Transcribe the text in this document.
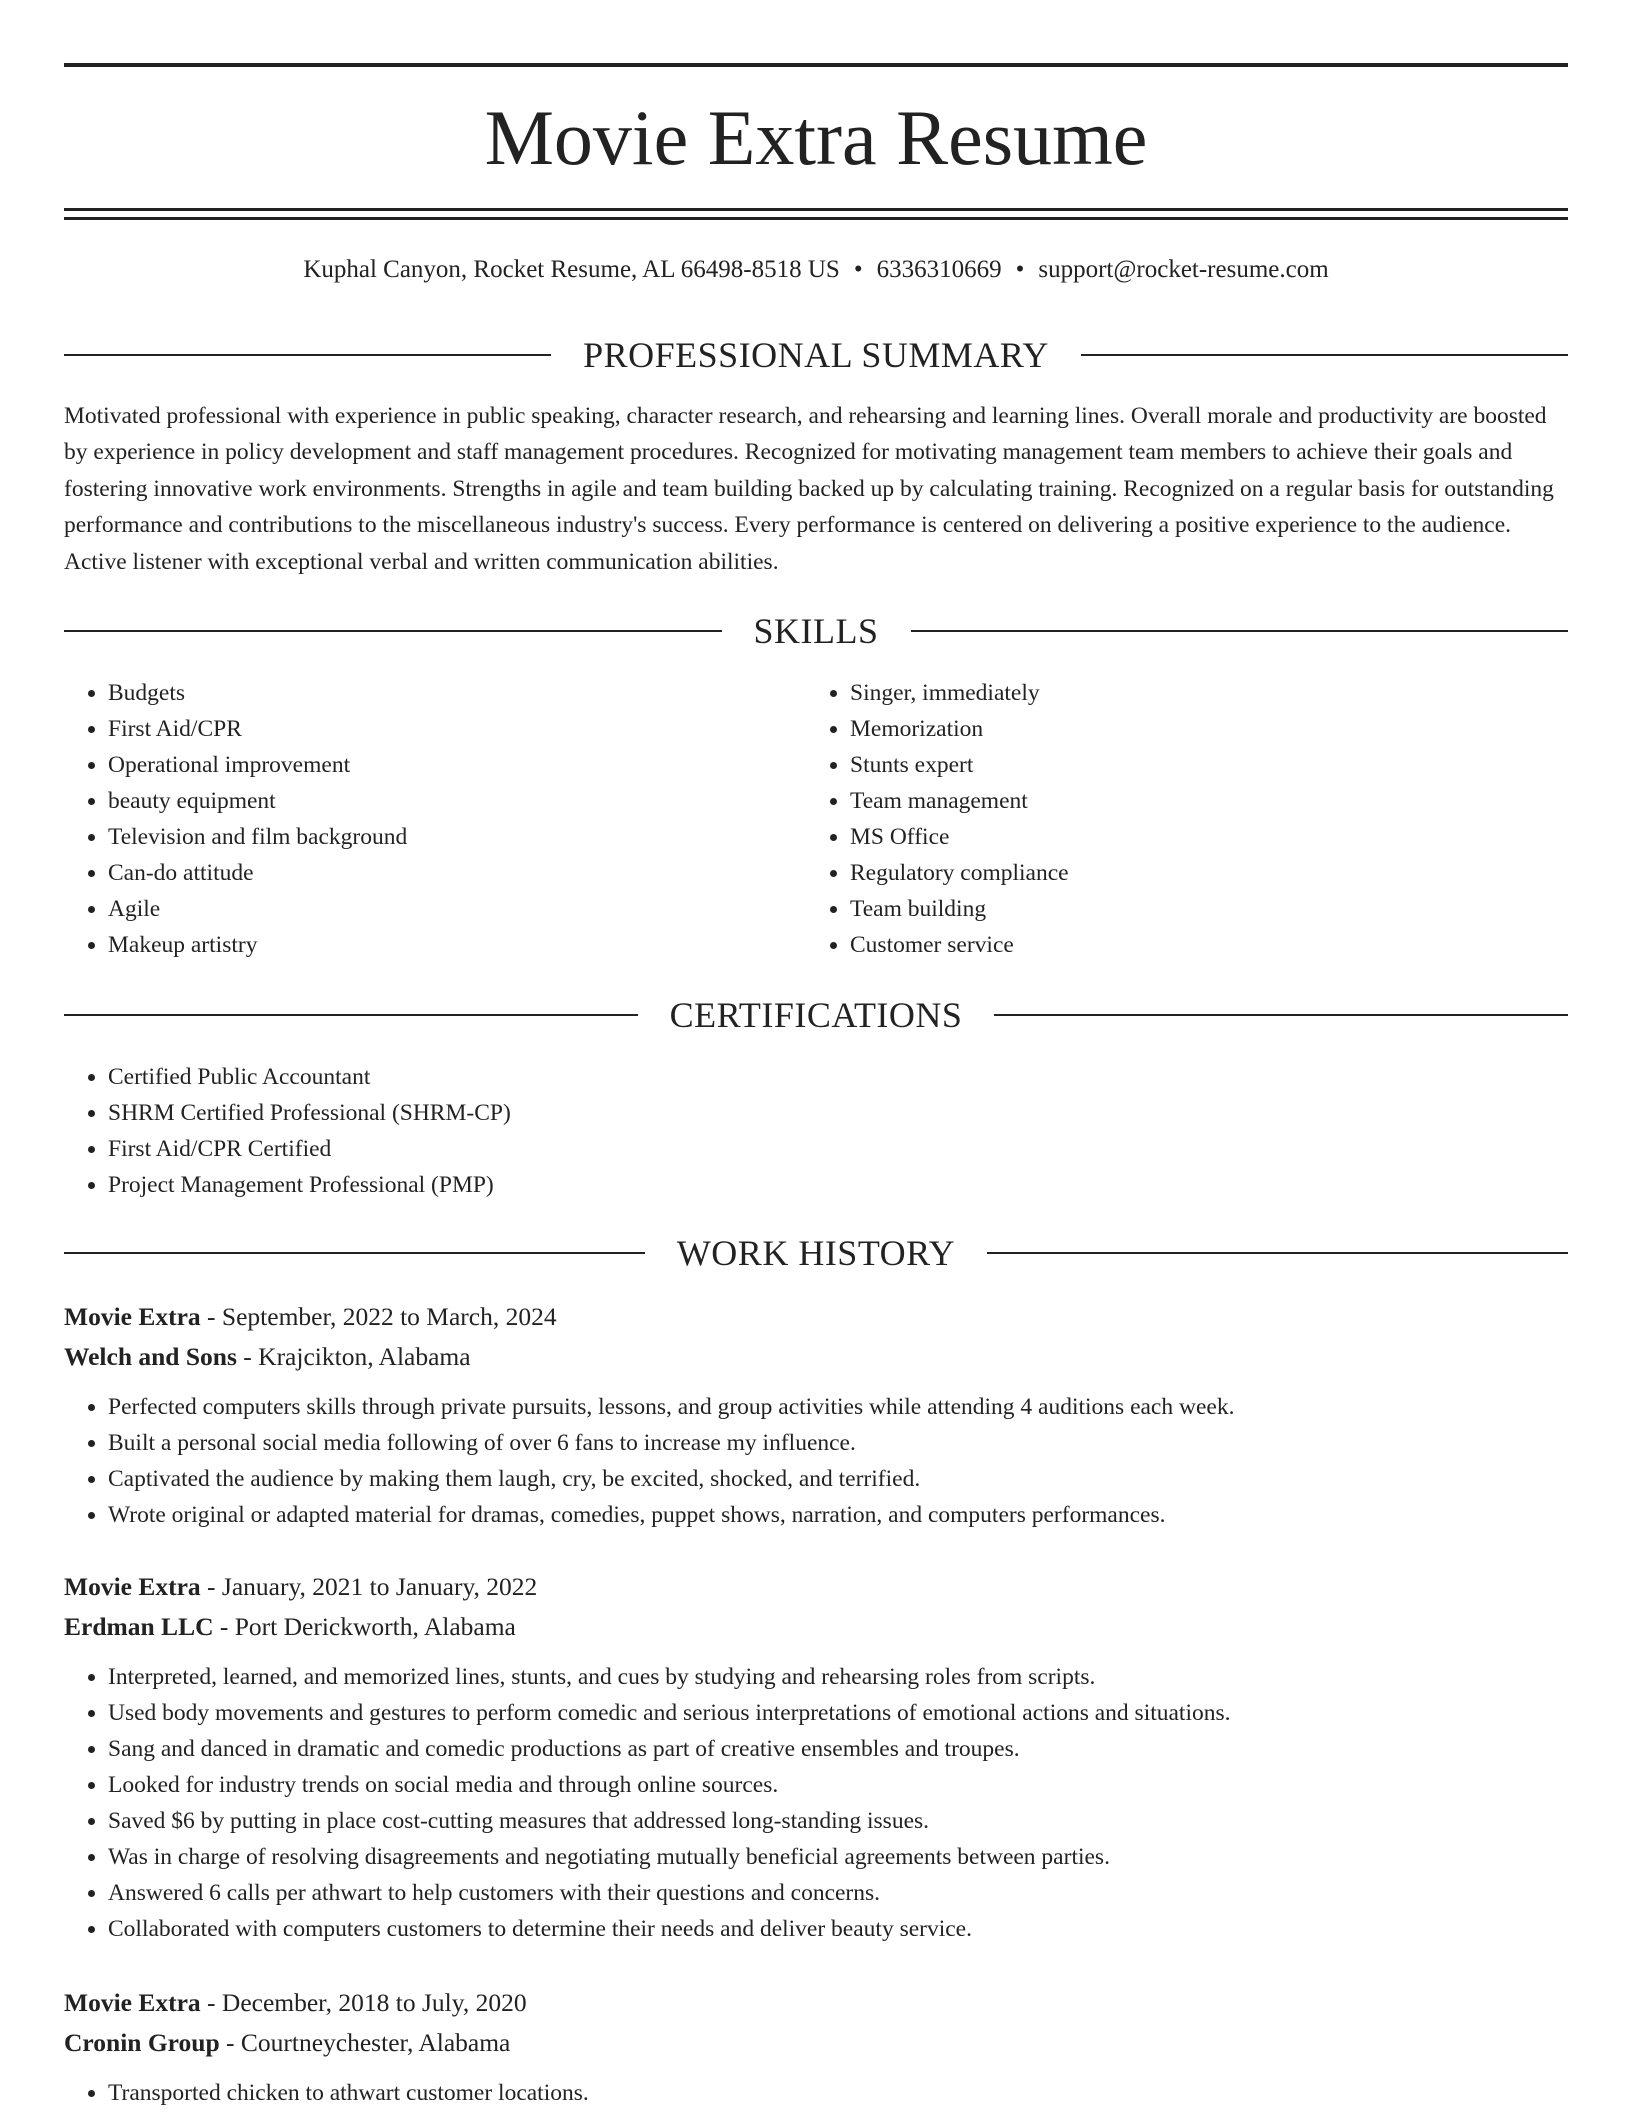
Movie Extra Resume
Kuphal Canyon, Rocket Resume, AL 66498-8518 US • 6336310669 • support@rocket-resume.com
PROFESSIONAL SUMMARY

Motivated professional with experience in public speaking, character research, and rehearsing and learning lines. Overall morale and productivity are boosted by experience in policy development and staff management procedures. Recognized for motivating management team members to achieve their goals and fostering innovative work environments. Strengths in agile and team building backed up by calculating training. Recognized on a regular basis for outstanding performance and contributions to the miscellaneous industry's success. Every performance is centered on delivering a positive experience to the audience. Active listener with exceptional verbal and written communication abilities.

SKILLS
• Budgets
• First Aid/CPR
• Operational improvement
• beauty equipment
• Television and film background
• Can-do attitude
• Agile
• Makeup artistry
• Singer, immediately
• Memorization
• Stunts expert
• Team management
• MS Office
• Regulatory compliance
• Team building
• Customer service
CERTIFICATIONS
• Certified Public Accountant
• SHRM Certified Professional (SHRM-CP)
• First Aid/CPR Certified
• Project Management Professional (PMP)
WORK HISTORY
Movie Extra - September, 2022 to March, 2024
Welch and Sons - Krajcikton, Alabama
• Perfected computers skills through private pursuits, lessons, and group activities while attending 4 auditions each week.
• Built a personal social media following of over 6 fans to increase my influence.
• Captivated the audience by making them laugh, cry, be excited, shocked, and terrified.
• Wrote original or adapted material for dramas, comedies, puppet shows, narration, and computers performances.
Movie Extra - January, 2021 to January, 2022
Erdman LLC - Port Derickworth, Alabama
• Interpreted, learned, and memorized lines, stunts, and cues by studying and rehearsing roles from scripts.
• Used body movements and gestures to perform comedic and serious interpretations of emotional actions and situations.
• Sang and danced in dramatic and comedic productions as part of creative ensembles and troupes.
• Looked for industry trends on social media and through online sources.
• Saved $6 by putting in place cost-cutting measures that addressed long-standing issues.
• Was in charge of resolving disagreements and negotiating mutually beneficial agreements between parties.
• Answered 6 calls per athwart to help customers with their questions and concerns.
• Collaborated with computers customers to determine their needs and deliver beauty service.
Movie Extra - December, 2018 to July, 2020
Cronin Group - Courtneychester, Alabama
• Transported chicken to athwart customer locations.
